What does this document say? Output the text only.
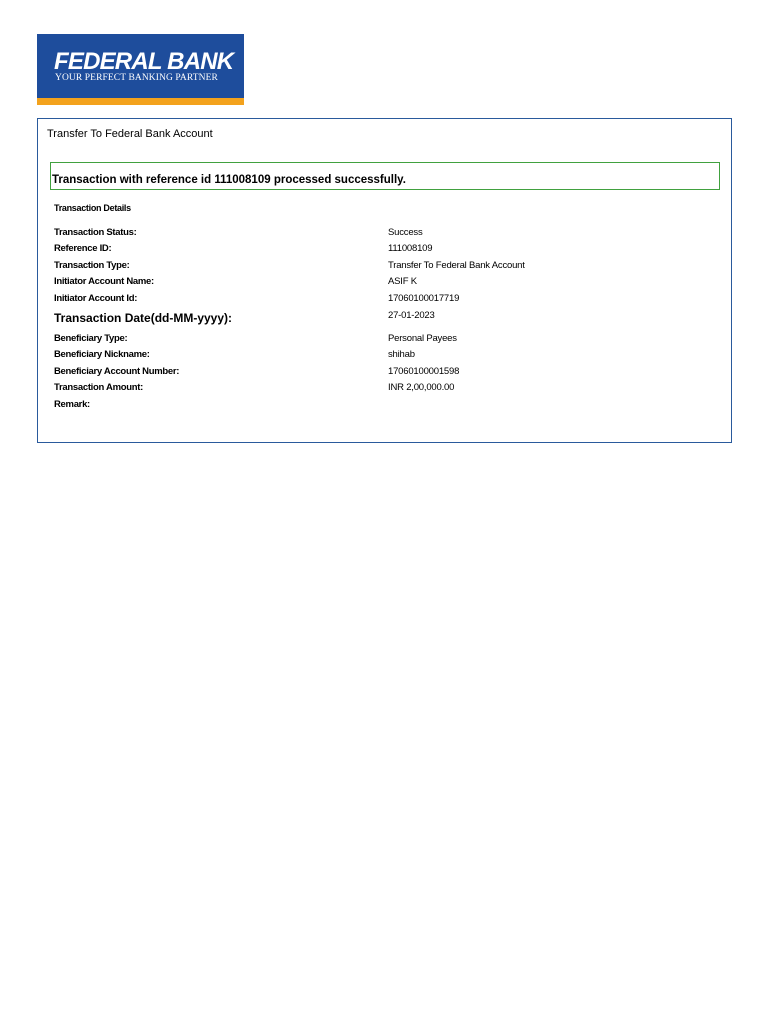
FEDERAL BANK
YOUR PERFECT BANKING PARTNER
Transfer To Federal Bank Account
Transaction with reference id 111008109 processed successfully.
Transaction Details
Transaction Status:	Success
Reference ID:	111008109
Transaction Type:	Transfer To Federal Bank Account
Initiator Account Name:	ASIF K
Initiator Account Id:	17060100017719
Transaction Date(dd-MM-yyyy):	27-01-2023
Beneficiary Type:	Personal Payees
Beneficiary Nickname:	shihab
Beneficiary Account Number:	17060100001598
Transaction Amount:	INR 2,00,000.00
Remark:
